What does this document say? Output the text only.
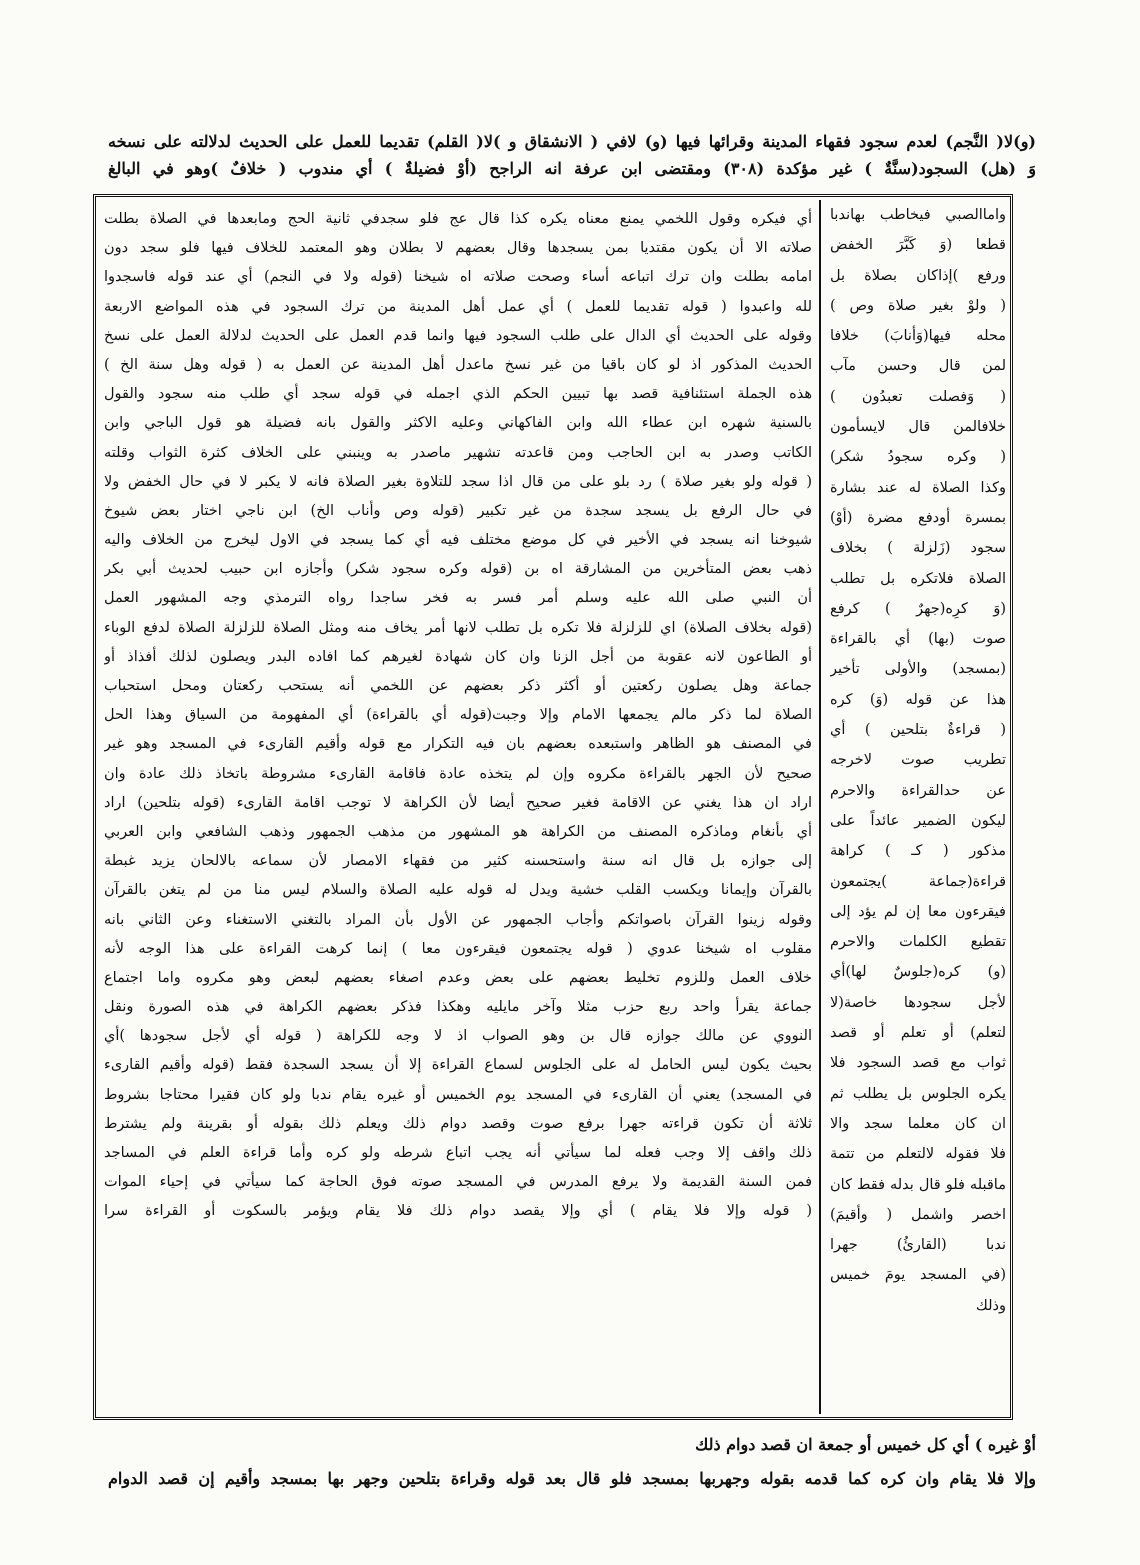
(و)لا( النَّجم) لعدم سجود فقهاء المدينة وقرائها فيها (و) لافي ( الانشقاق و )لا( القلم) تقديما للعمل على الحديث لدلالته على نسخه
وَ (هل) السجود(سنَّةٌ ) غير مؤكدة (٣٠٨) ومقتضى ابن عرفة انه الراجح (أوْ فضيلةٌ ) أي مندوب ( خلافٌ )وهو في البالغ
أي فيكره وقول اللخمي يمنع معناه يكره كذا قال عج فلو سجدفي ثانية الحج ومابعدها في الصلاة بطلت
صلاته الا أن يكون مقتديا بمن يسجدها وقال بعضهم لا بطلان وهو المعتمد للخلاف فيها فلو سجد دون
امامه بطلت وان ترك اتباعه أساء وصحت صلاته اه شيخنا (قوله ولا في النجم) أي عند قوله فاسجدوا
لله واعبدوا ( قوله تقديما للعمل ) أي عمل أهل المدينة من ترك السجود في هذه المواضع الاربعة
وقوله على الحديث أي الدال على طلب السجود فيها وانما قدم العمل على الحديث لدلالة العمل على نسخ
الحديث المذكور اذ لو كان باقيا من غير نسخ ماعدل أهل المدينة عن العمل به ( قوله وهل سنة الخ )
هذه الجملة استئنافية قصد بها تبيين الحكم الذي اجمله في قوله سجد أي طلب منه سجود والقول
بالسنية شهره ابن عطاء الله وابن الفاكهاني وعليه الاكثر والقول بانه فضيلة هو قول الباجي وابن
الكاتب وصدر به ابن الحاجب ومن قاعدته تشهير ماصدر به وينبني على الخلاف كثرة الثواب وقلته
( قوله ولو بغير صلاة ) رد بلو على من قال اذا سجد للتلاوة بغير الصلاة فانه لا يكبر لا في حال الخفض ولا
في حال الرفع بل يسجد سجدة من غير تكبير (قوله وص وأناب الخ) ابن ناجي اختار بعض شيوخ
شيوخنا انه يسجد في الأخير في كل موضع مختلف فيه أي كما يسجد في الاول ليخرج من الخلاف واليه
ذهب بعض المتأخرين من المشارقة اه بن (قوله وكره سجود شكر) وأجازه ابن حبيب لحديث أبي بكر
أن النبي صلى الله عليه وسلم أمر فسر به فخر ساجدا رواه الترمذي وجه المشهور العمل
(قوله بخلاف الصلاة) اي للزلزلة فلا تكره بل تطلب لانها أمر يخاف منه ومثل الصلاة للزلزلة الصلاة لدفع الوباء
أو الطاعون لانه عقوبة من أجل الزنا وان كان شهادة لغيرهم كما افاده البدر ويصلون لذلك أفذاذ أو
جماعة وهل يصلون ركعتين أو أكثر ذكر بعضهم عن اللخمي أنه يستحب ركعتان ومحل استحباب
الصلاة لما ذكر مالم يجمعها الامام وإلا وجبت(قوله أي بالقراءة) أي المفهومة من السياق وهذا الحل
في المصنف هو الظاهر واستبعده بعضهم بان فيه التكرار مع قوله وأقيم القارىء في المسجد وهو غير
صحيح لأن الجهر بالقراءة مكروه وإن لم يتخذه عادة فاقامة القارىء مشروطة باتخاذ ذلك عادة وان
اراد ان هذا يغني عن الاقامة فغير صحيح أيضا لأن الكراهة لا توجب اقامة القارىء (قوله بتلحين) اراد
أي بأنغام وماذكره المصنف من الكراهة هو المشهور من مذهب الجمهور وذهب الشافعي وابن العربي
إلى جوازه بل قال انه سنة واستحسنه كثير من فقهاء الامصار لأن سماعه بالالحان يزيد غبطة
بالقرآن وإيمانا ويكسب القلب خشية ويدل له قوله عليه الصلاة والسلام ليس منا من لم يتغن بالقرآن
وقوله زينوا القرآن باصواتكم وأجاب الجمهور عن الأول بأن المراد بالتغني الاستغناء وعن الثاني بانه
مقلوب اه شيخنا عدوي ( قوله يجتمعون فيقرءون معا ) إنما كرهت القراءة على هذا الوجه لأنه
خلاف العمل وللزوم تخليط بعضهم على بعض وعدم اصغاء بعضهم لبعض وهو مكروه واما اجتماع
جماعة يقرأ واحد ربع حزب مثلا وآخر مايليه وهكذا فذكر بعضهم الكراهة في هذه الصورة ونقل
النووي عن مالك جوازه قال بن وهو الصواب اذ لا وجه للكراهة ( قوله أي لأجل سجودها )أي
بحيث يكون ليس الحامل له على الجلوس لسماع القراءة إلا أن يسجد السجدة فقط (قوله وأقيم القارىء
في المسجد) يعني أن القارىء في المسجد يوم الخميس أو غيره يقام ندبا ولو كان فقيرا محتاجا بشروط
ثلاثة أن تكون قراءته جهرا برفع صوت وقصد دوام ذلك ويعلم ذلك بقوله أو بقرينة ولم يشترط
ذلك واقف إلا وجب فعله لما سيأتي أنه يجب اتباع شرطه ولو كره وأما قراءة العلم في المساجد
فمن السنة القديمة ولا يرفع المدرس في المسجد صوته فوق الحاجة كما سيأتي في إحياء الموات
( قوله وإلا فلا يقام ) أي وإلا يقصد دوام ذلك فلا يقام ويؤمر بالسكوت أو القراءة سرا
واماالصبي فيخاطب بهاندبا
قطعا (وَ كَبَّرَ الخفض
ورفع )إذاكان بصلاة بل
( ولوْ بغير صلاة وص )
محله فيها(وَأنابَ) خلافا
لمن قال وحسن مآب
( وَفصلت تعبدُون )
خلافالمن قال لايسأمون
( وكره سجودُ شكر)
وكذا الصلاة له عند بشارة
بمسرة أودفع مضرة (أوْ)
سجود (زَلزلة ) بخلاف
الصلاة فلاتكره بل تطلب
(وَ كرِه(جهرٌ ) كرفع
صوت (بها) أي بالقراءة
(بمسجد) والأولى تأخير
هذا عن قوله (وَ) كره
( قراءةٌ بتلحين ) أي
تطريب صوت لاخرجه
عن حدالقراءة والاحرم
ليكون الضمير عائداً على
مذكور ( كـ ) كراهة
قراءة(جماعة )يجتمعون
فيقرءون معا إن لم يؤد إلى
تقطيع الكلمات والاحرم
(و) كره(جلوسٌ لها)أي
لأجل سجودها خاصة(لا
لتعلم) أو تعلم أو قصد
ثواب مع قصد السجود فلا
يكره الجلوس بل يطلب ثم
ان كان معلما سجد والا
فلا فقوله لالتعلم من تتمة
ماقبله فلو قال بدله فقط كان
اخصر واشمل ( وأقيمَ)
ندبا (القارئُ) جهرا
(في المسجد يومَ خميس
وذلك
أوْ غيره ) أي كل خميس أو جمعة ان قصد دوام ذلك
وإلا فلا يقام وان كره كما قدمه بقوله وجهربها بمسجد فلو قال بعد قوله وقراءة بتلحين وجهر بها بمسجد وأقيم إن قصد الدوام
